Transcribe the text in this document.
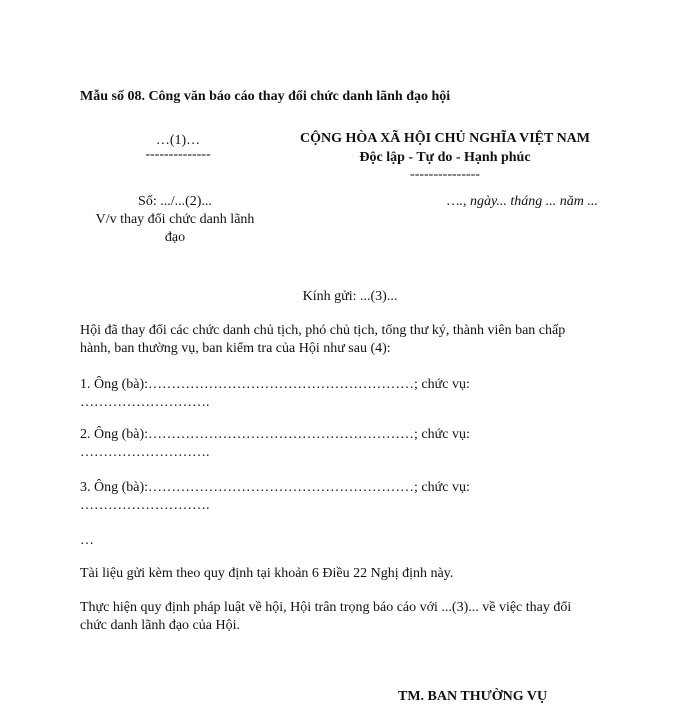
Mẫu số 08. Công văn báo cáo thay đổi chức danh lãnh đạo hội
…(1)…
--------------
CỘNG HÒA XÃ HỘI CHỦ NGHĨA VIỆT NAM
Độc lập - Tự do - Hạnh phúc
---------------
Số: .../...(2)...
V/v thay đổi chức danh lãnh
đạo
…., ngày... tháng ... năm ...
Kính gửi: ...(3)...
Hội đã thay đổi các chức danh chủ tịch, phó chủ tịch, tổng thư ký, thành viên ban chấp
hành, ban thường vụ, ban kiểm tra của Hội như sau (4):
1. Ông (bà):…………………………………………………; chức vụ:
……………………….
2. Ông (bà):…………………………………………………; chức vụ:
……………………….
3. Ông (bà):…………………………………………………; chức vụ:
……………………….
…
Tài liệu gửi kèm theo quy định tại khoản 6 Điều 22 Nghị định này.
Thực hiện quy định pháp luật về hội, Hội trân trọng báo cáo với ...(3)... về việc thay đổi
chức danh lãnh đạo của Hội.
TM. BAN THƯỜNG VỤ
